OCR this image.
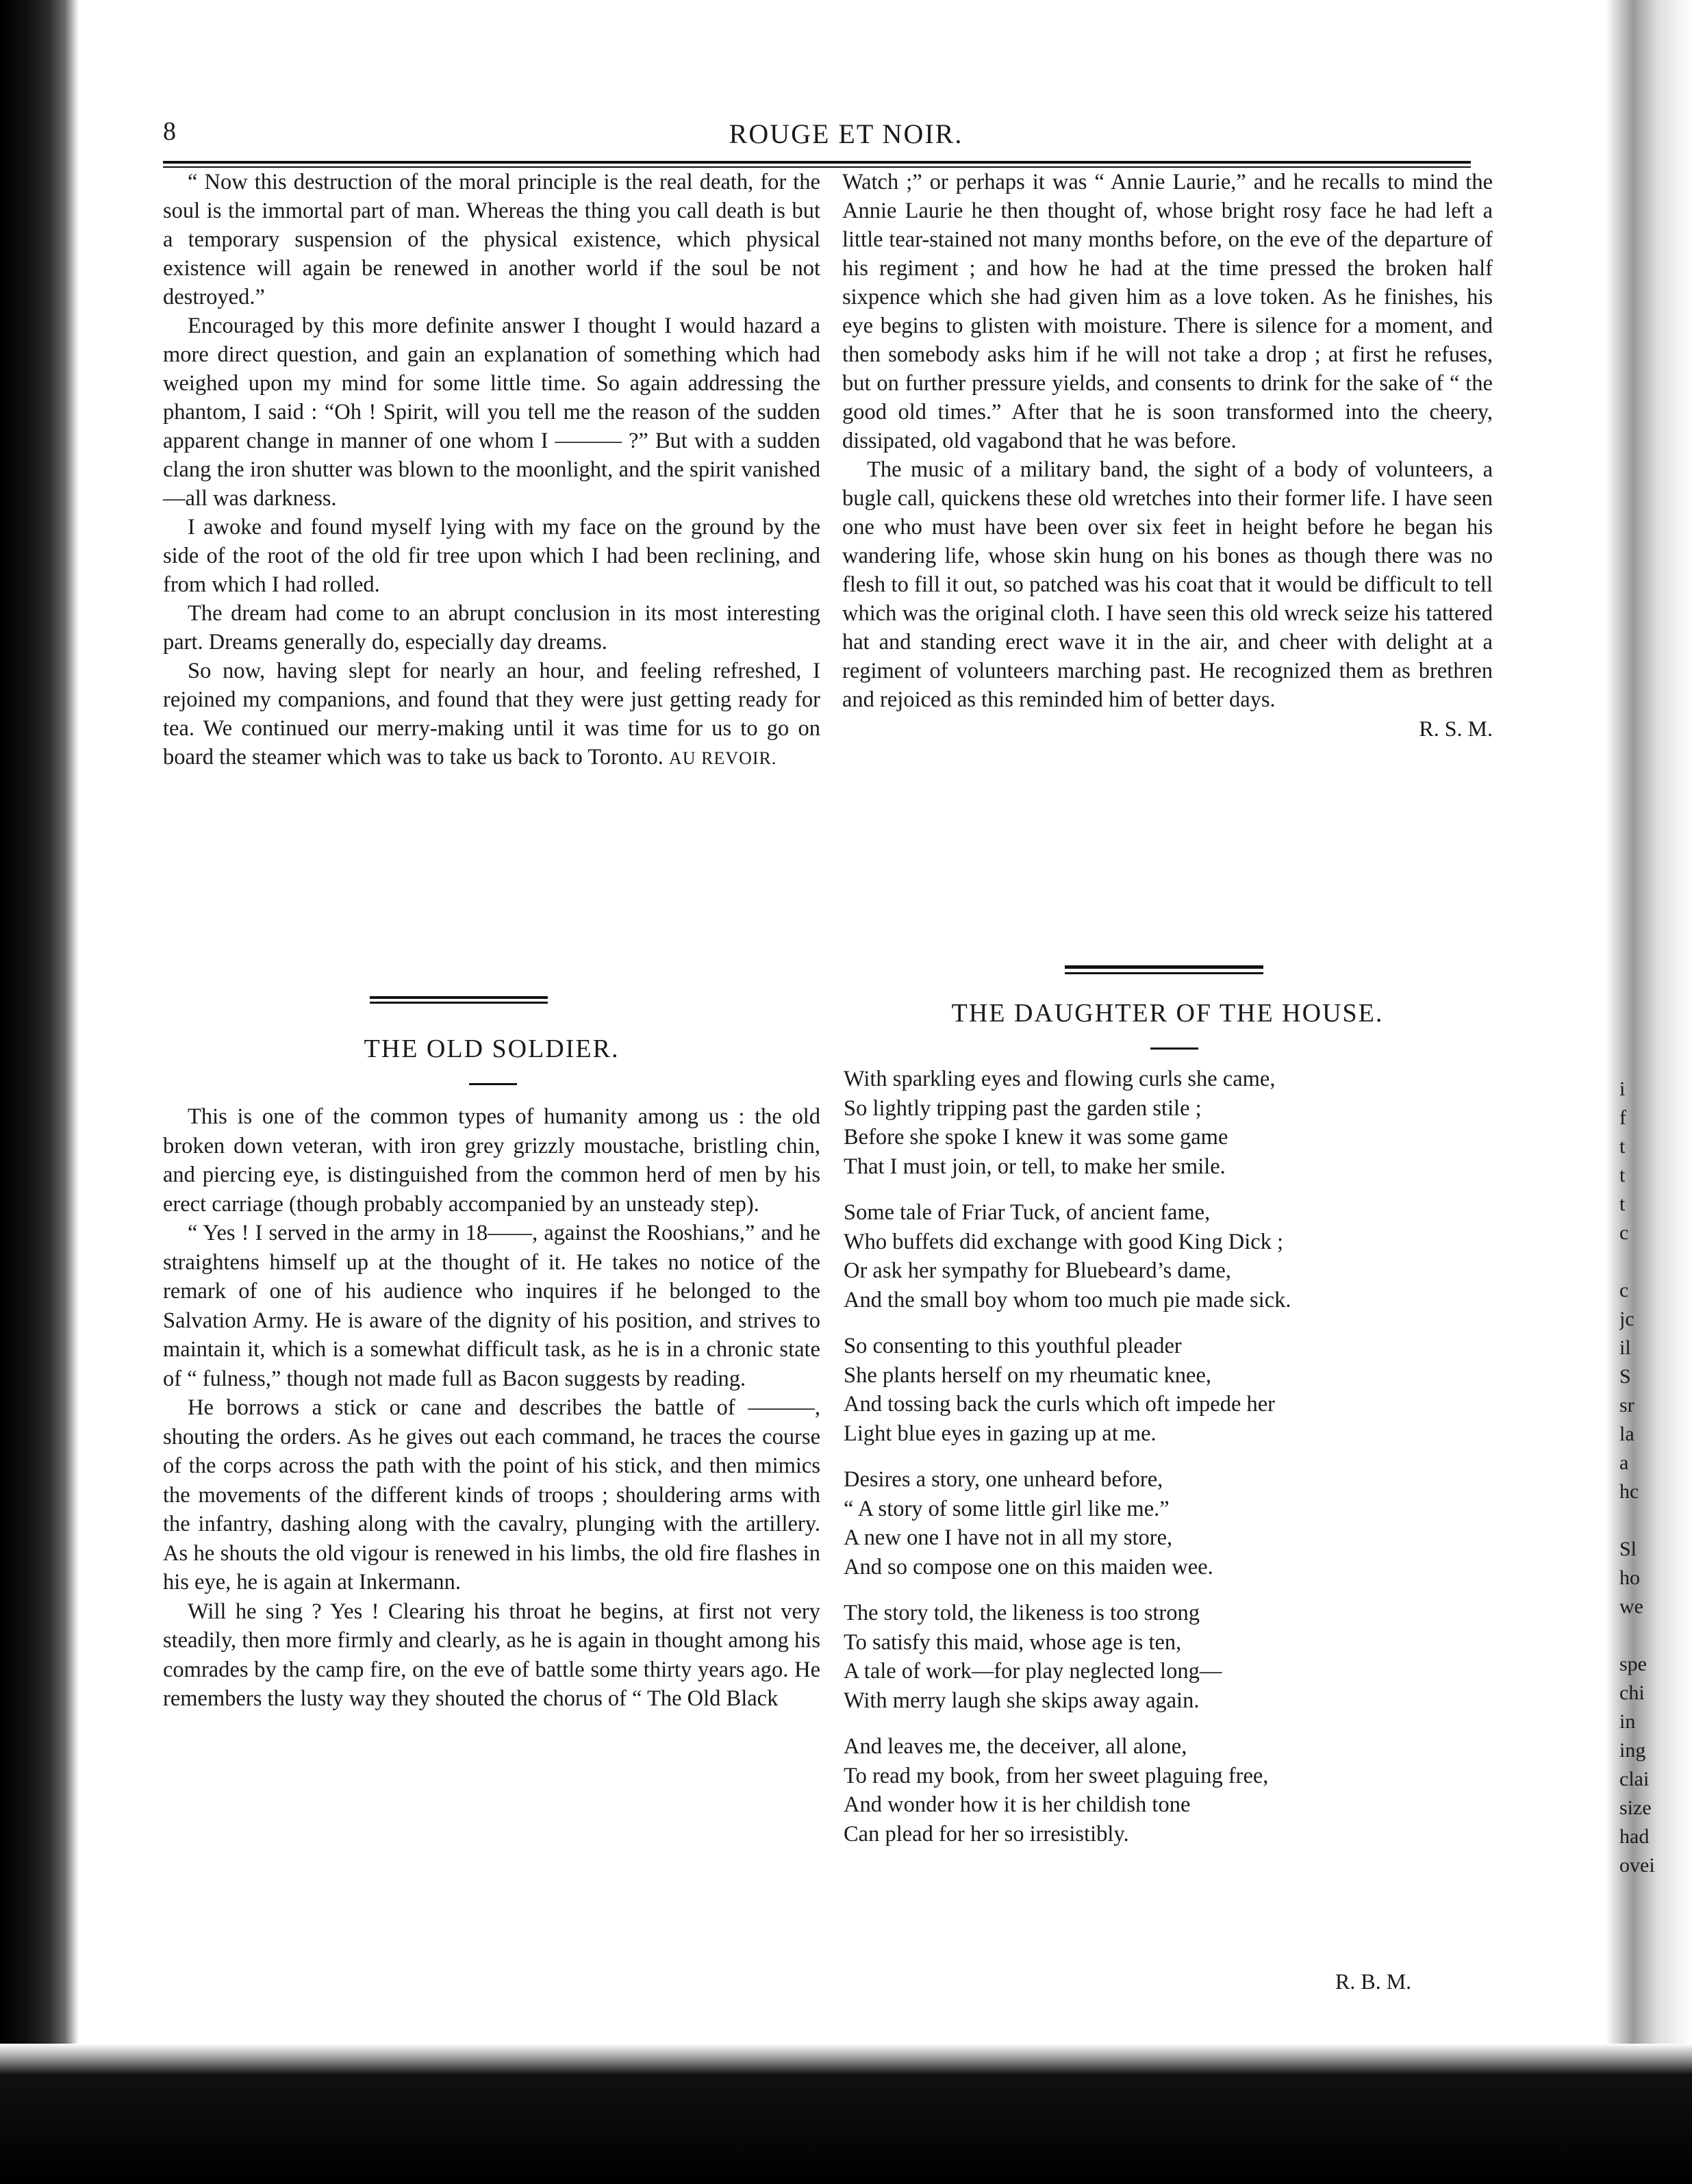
8	ROUGE ET NOIR.

“ Now this destruction of the moral principle is the real death, for the soul is the immortal part of man. Whereas the thing you call death is but a temporary suspension of the physical existence, which physical existence will again be renewed in another world if the soul be not destroyed.”

Encouraged by this more definite answer I thought I would hazard a more direct question, and gain an explanation of something which had weighed upon my mind for some little time. So again addressing the phantom, I said : “Oh ! Spirit, will you tell me the reason of the sudden apparent change in manner of one whom I ——— ?” But with a sudden clang the iron shutter was blown to the moonlight, and the spirit vanished—all was darkness.

I awoke and found myself lying with my face on the ground by the side of the root of the old fir tree upon which I had been reclining, and from which I had rolled.

The dream had come to an abrupt conclusion in its most interesting part. Dreams generally do, especially day dreams.

So now, having slept for nearly an hour, and feeling refreshed, I rejoined my companions, and found that they were just getting ready for tea. We continued our merry-making until it was time for us to go on board the steamer which was to take us back to Toronto. AU REVOIR.

THE OLD SOLDIER.

This is one of the common types of humanity among us : the old broken down veteran, with iron grey grizzly moustache, bristling chin, and piercing eye, is distinguished from the common herd of men by his erect carriage (though probably accompanied by an unsteady step).

“ Yes ! I served in the army in 18——, against the Rooshians,” and he straightens himself up at the thought of it. He takes no notice of the remark of one of his audience who inquires if he belonged to the Salvation Army. He is aware of the dignity of his position, and strives to maintain it, which is a somewhat difficult task, as he is in a chronic state of “ fulness,” though not made full as Bacon suggests by reading.

He borrows a stick or cane and describes the battle of ———, shouting the orders. As he gives out each command, he traces the course of the corps across the path with the point of his stick, and then mimics the movements of the different kinds of troops ; shouldering arms with the infantry, dashing along with the cavalry, plunging with the artillery. As he shouts the old vigour is renewed in his limbs, the old fire flashes in his eye, he is again at Inkermann.

Will he sing ? Yes ! Clearing his throat he begins, at first not very steadily, then more firmly and clearly, as he is again in thought among his comrades by the camp fire, on the eve of battle some thirty years ago. He remembers the lusty way they shouted the chorus of “ The Old Black

Watch ;” or perhaps it was “ Annie Laurie,” and he recalls to mind the Annie Laurie he then thought of, whose bright rosy face he had left a little tear-stained not many months before, on the eve of the departure of his regiment ; and how he had at the time pressed the broken half sixpence which she had given him as a love token. As he finishes, his eye begins to glisten with moisture. There is silence for a moment, and then somebody asks him if he will not take a drop ; at first he refuses, but on further pressure yields, and consents to drink for the sake of “ the good old times.” After that he is soon transformed into the cheery, dissipated, old vagabond that he was before.

The music of a military band, the sight of a body of volunteers, a bugle call, quickens these old wretches into their former life. I have seen one who must have been over six feet in height before he began his wandering life, whose skin hung on his bones as though there was no flesh to fill it out, so patched was his coat that it would be difficult to tell which was the original cloth. I have seen this old wreck seize his tattered hat and standing erect wave it in the air, and cheer with delight at a regiment of volunteers marching past. He recognized them as brethren and rejoiced as this reminded him of better days.

R. S. M.

THE DAUGHTER OF THE HOUSE.
With sparkling eyes and flowing curls she came,
So lightly tripping past the garden stile ;
Before she spoke I knew it was some game
That I must join, or tell, to make her smile.
Some tale of Friar Tuck, of ancient fame,
Who buffets did exchange with good King Dick ;
Or ask her sympathy for Bluebeard’s dame,
And the small boy whom too much pie made sick.
So consenting to this youthful pleader
She plants herself on my rheumatic knee,
And tossing back the curls which oft impede her
Light blue eyes in gazing up at me.
Desires a story, one unheard before,
“ A story of some little girl like me.”
A new one I have not in all my store,
And so compose one on this maiden wee.
The story told, the likeness is too strong
To satisfy this maid, whose age is ten,
A tale of work—for play neglected long—
With merry laugh she skips away again.
And leaves me, the deceiver, all alone,
To read my book, from her sweet plaguing free,
And wonder how it is her childish tone
Can plead for her so irresistibly.
R. B. M.
i
f
t
t
t
c
c
jc
il
S
sr
la
a
hc
Sl
ho
we
spe
chi
in
ing
clai
size
had
ovei
